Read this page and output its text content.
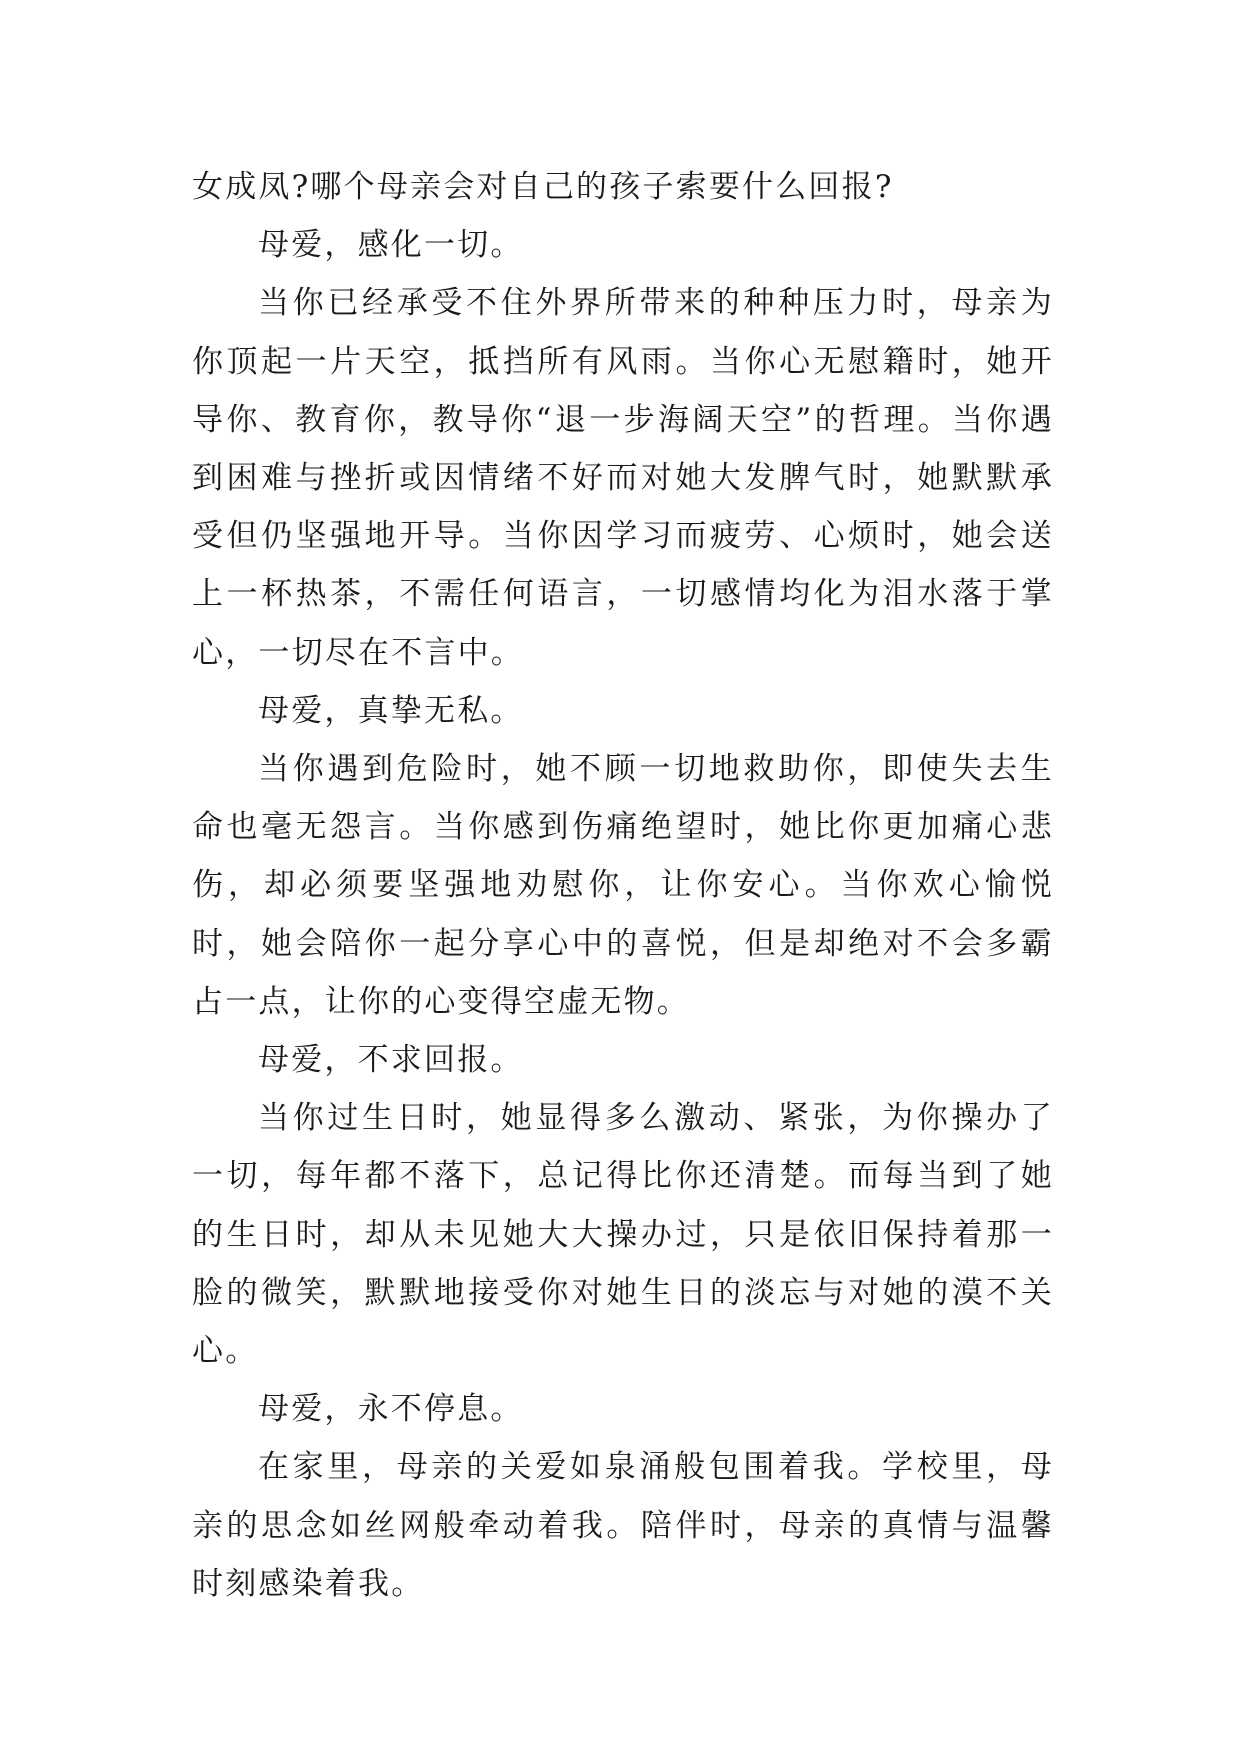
女成凤?哪个母亲会对自己的孩子索要什么回报?

母爱，感化一切。

当你已经承受不住外界所带来的种种压力时，母亲为你顶起一片天空，抵挡所有风雨。当你心无慰籍时，她开导你、教育你，教导你“退一步海阔天空”的哲理。当你遇到困难与挫折或因情绪不好而对她大发脾气时，她默默承受但仍坚强地开导。当你因学习而疲劳、心烦时，她会送上一杯热茶，不需任何语言，一切感情均化为泪水落于掌心，一切尽在不言中。

母爱，真挚无私。

当你遇到危险时，她不顾一切地救助你，即使失去生命也毫无怨言。当你感到伤痛绝望时，她比你更加痛心悲伤，却必须要坚强地劝慰你，让你安心。当你欢心愉悦时，她会陪你一起分享心中的喜悦，但是却绝对不会多霸占一点，让你的心变得空虚无物。

母爱，不求回报。

当你过生日时，她显得多么激动、紧张，为你操办了一切，每年都不落下，总记得比你还清楚。而每当到了她的生日时，却从未见她大大操办过，只是依旧保持着那一脸的微笑，默默地接受你对她生日的淡忘与对她的漠不关心。

母爱，永不停息。

在家里，母亲的关爱如泉涌般包围着我。学校里，母亲的思念如丝网般牵动着我。陪伴时，母亲的真情与温馨时刻感染着我。
